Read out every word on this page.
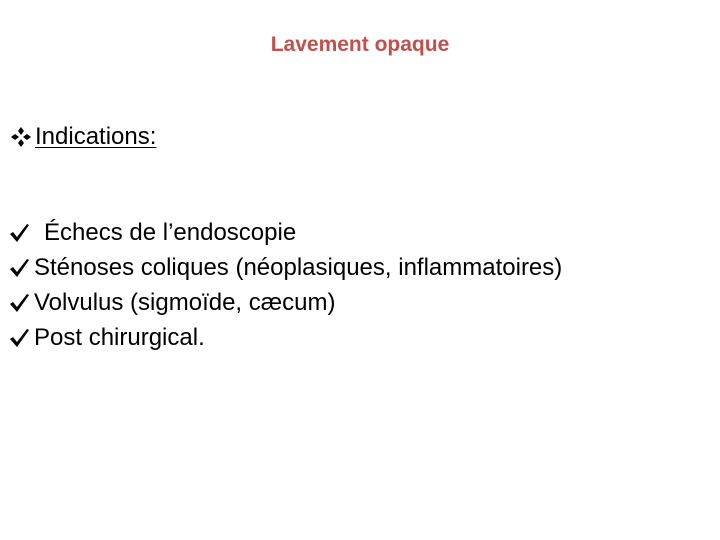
Lavement opaque
Indications:
Échecs de l’endoscopie
Sténoses coliques (néoplasiques, inflammatoires)
Volvulus (sigmoïde, cæcum)
Post chirurgical.
